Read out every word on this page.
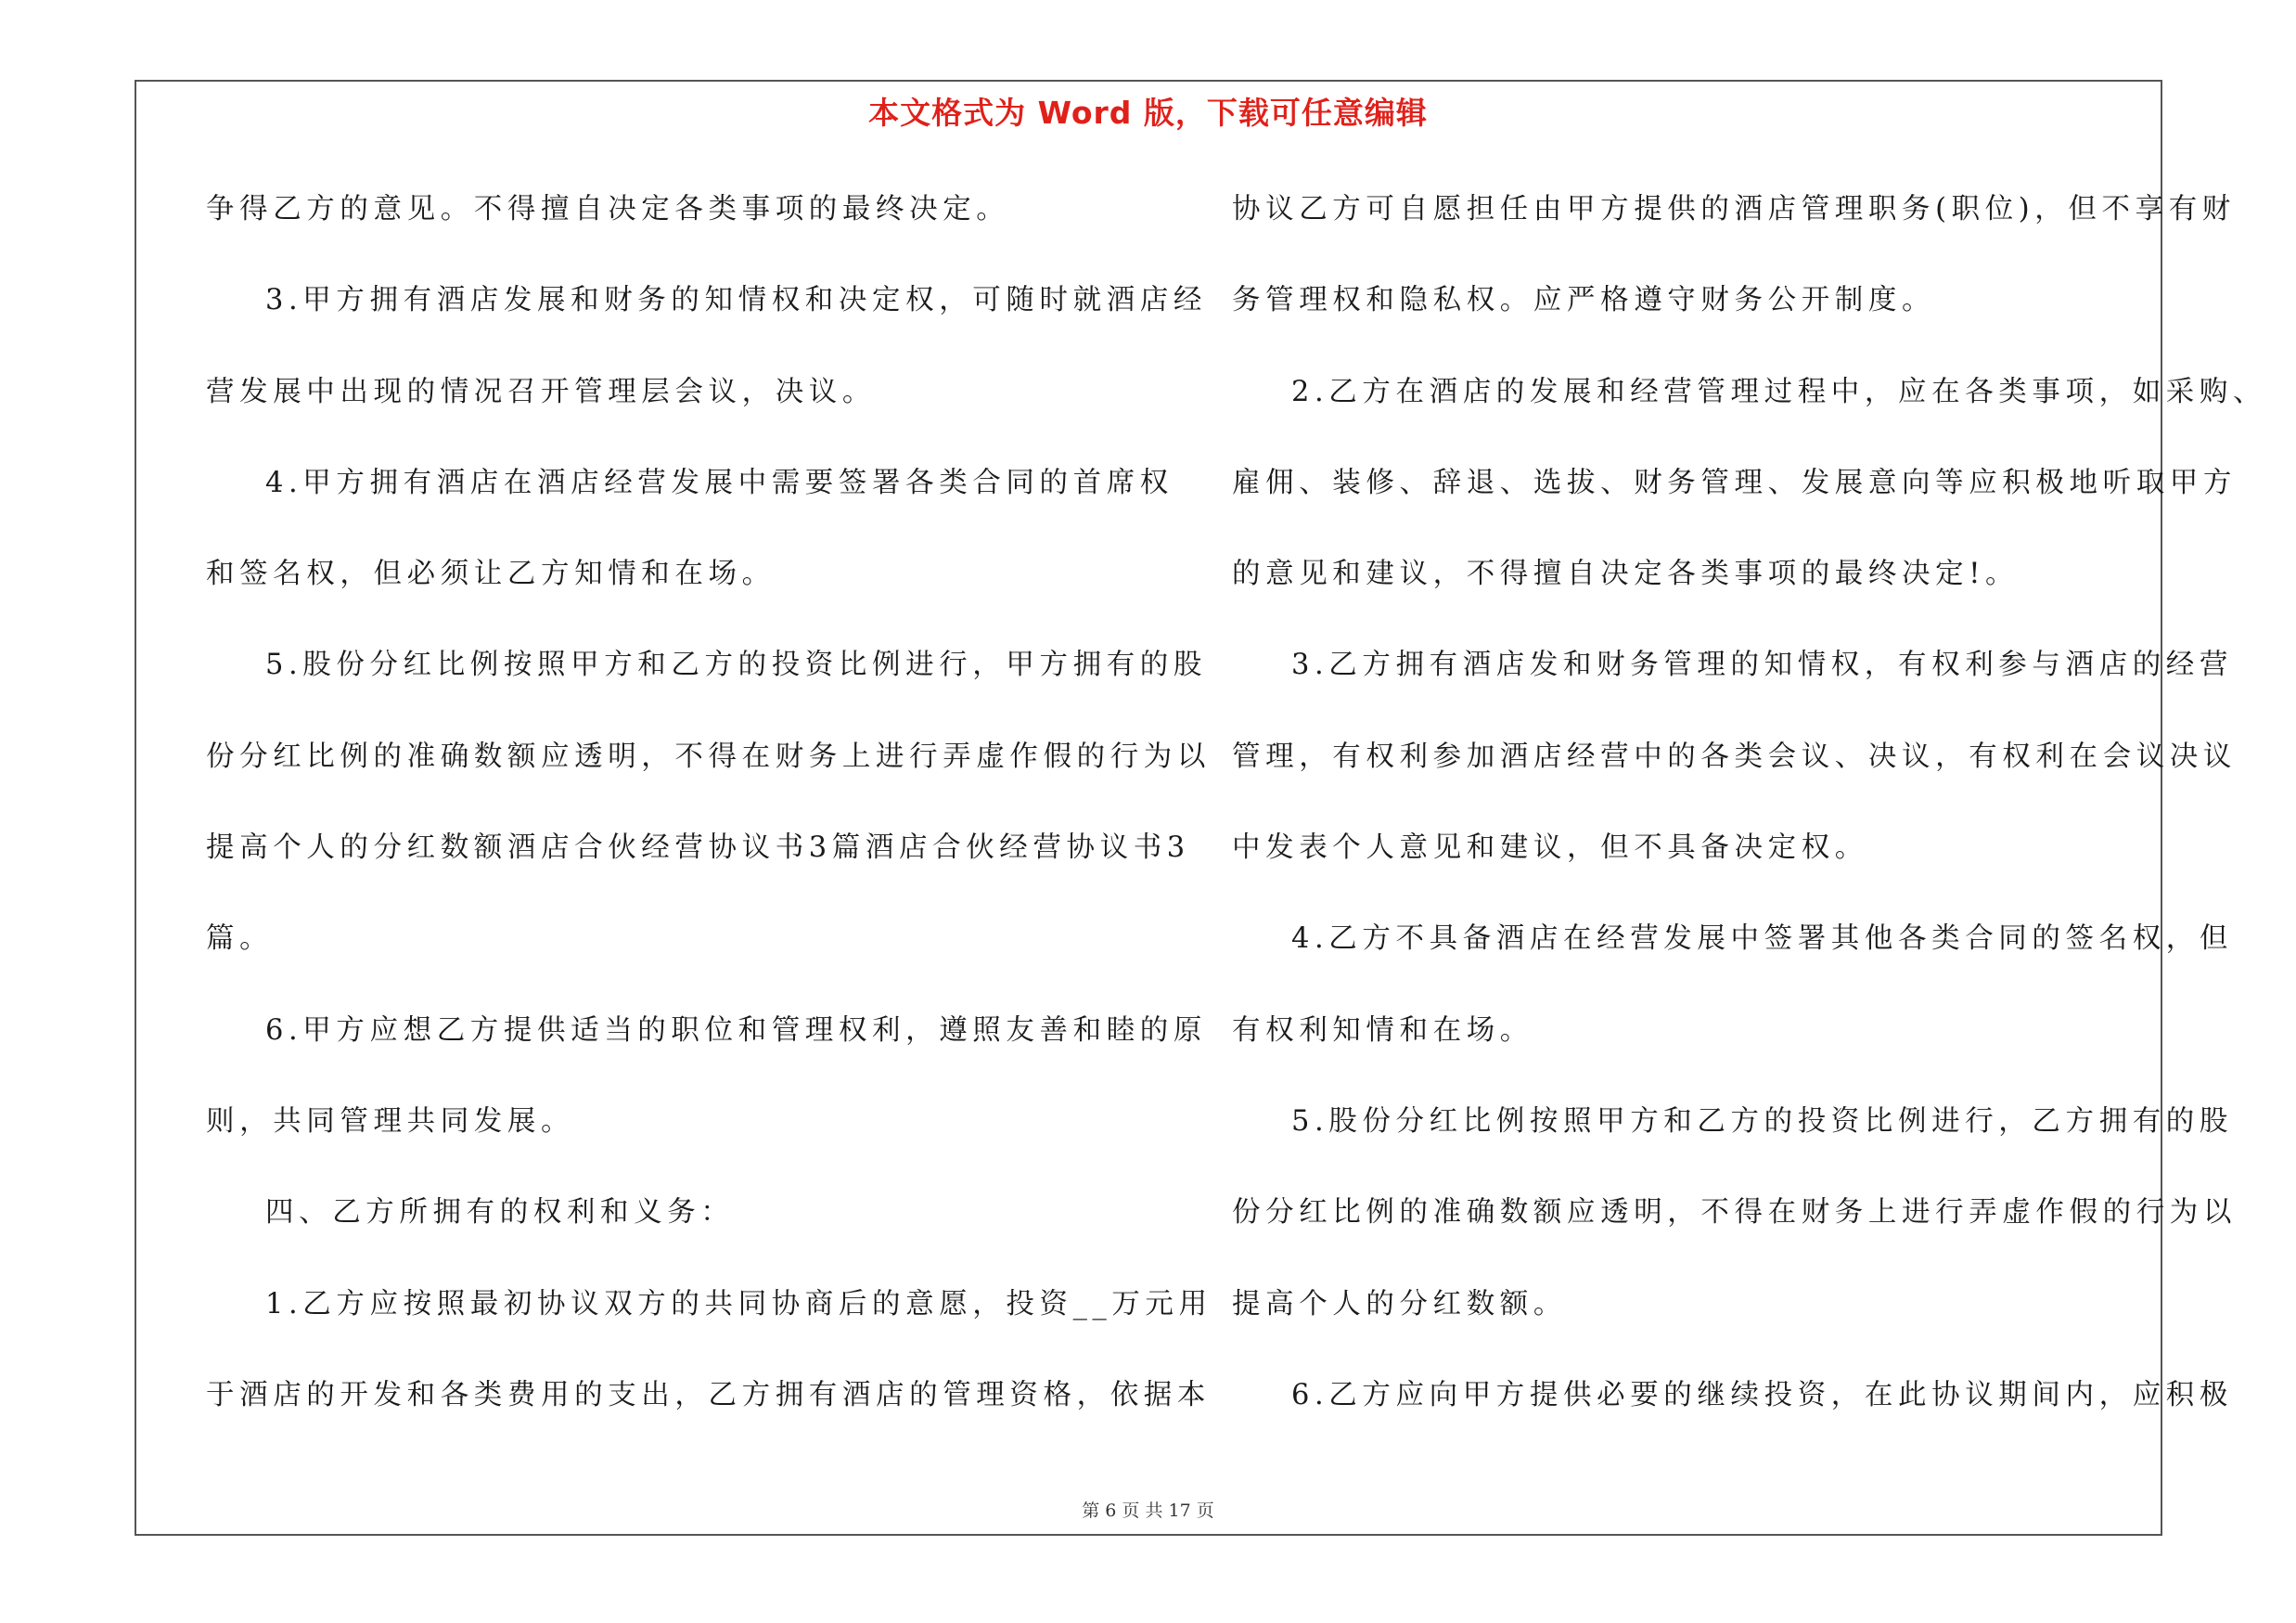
本文格式为 Word 版，下载可任意编辑
争得乙方的意见。不得擅自决定各类事项的最终决定。
3.甲方拥有酒店发展和财务的知情权和决定权，可随时就酒店经
营发展中出现的情况召开管理层会议，决议。
4.甲方拥有酒店在酒店经营发展中需要签署各类合同的首席权
和签名权，但必须让乙方知情和在场。
5.股份分红比例按照甲方和乙方的投资比例进行，甲方拥有的股
份分红比例的准确数额应透明，不得在财务上进行弄虚作假的行为以
提高个人的分红数额酒店合伙经营协议书3篇酒店合伙经营协议书3
篇。
6.甲方应想乙方提供适当的职位和管理权利，遵照友善和睦的原
则，共同管理共同发展。
四、乙方所拥有的权利和义务：
1.乙方应按照最初协议双方的共同协商后的意愿，投资__万元用
于酒店的开发和各类费用的支出，乙方拥有酒店的管理资格，依据本
协议乙方可自愿担任由甲方提供的酒店管理职务(职位)，但不享有财
务管理权和隐私权。应严格遵守财务公开制度。
2.乙方在酒店的发展和经营管理过程中，应在各类事项，如采购、
雇佣、装修、辞退、选拔、财务管理、发展意向等应积极地听取甲方
的意见和建议，不得擅自决定各类事项的最终决定!。
3.乙方拥有酒店发和财务管理的知情权，有权利参与酒店的经营
管理，有权利参加酒店经营中的各类会议、决议，有权利在会议决议
中发表个人意见和建议，但不具备决定权。
4.乙方不具备酒店在经营发展中签署其他各类合同的签名权，但
有权利知情和在场。
5.股份分红比例按照甲方和乙方的投资比例进行，乙方拥有的股
份分红比例的准确数额应透明，不得在财务上进行弄虚作假的行为以
提高个人的分红数额。
6.乙方应向甲方提供必要的继续投资，在此协议期间内，应积极
第 6 页 共 17 页
